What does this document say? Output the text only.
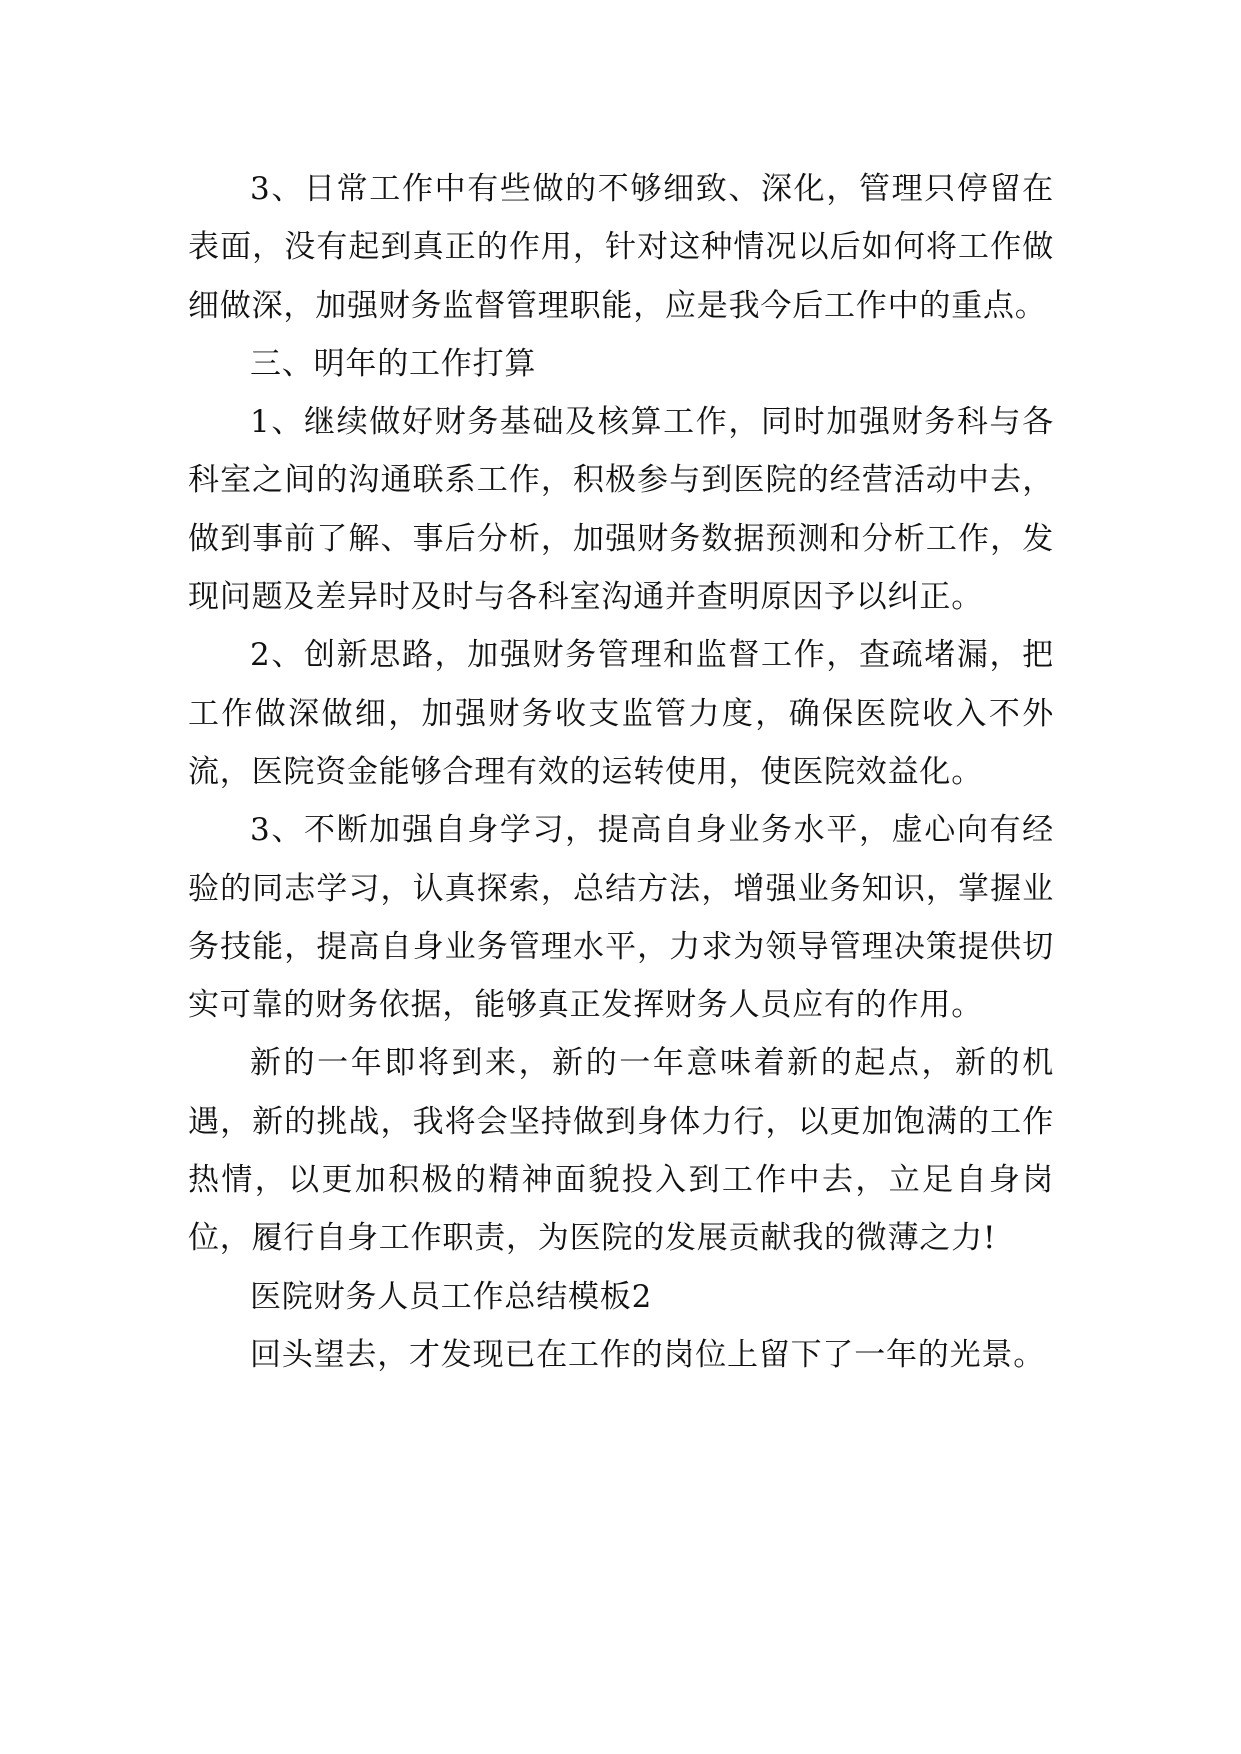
3、日常工作中有些做的不够细致、深化，管理只停留在表面，没有起到真正的作用，针对这种情况以后如何将工作做细做深，加强财务监督管理职能，应是我今后工作中的重点。

三、明年的工作打算

1、继续做好财务基础及核算工作，同时加强财务科与各科室之间的沟通联系工作，积极参与到医院的经营活动中去，做到事前了解、事后分析，加强财务数据预测和分析工作，发现问题及差异时及时与各科室沟通并查明原因予以纠正。

2、创新思路，加强财务管理和监督工作，查疏堵漏，把工作做深做细，加强财务收支监管力度，确保医院收入不外流，医院资金能够合理有效的运转使用，使医院效益化。

3、不断加强自身学习，提高自身业务水平，虚心向有经验的同志学习，认真探索，总结方法，增强业务知识，掌握业务技能，提高自身业务管理水平，力求为领导管理决策提供切实可靠的财务依据，能够真正发挥财务人员应有的作用。

新的一年即将到来，新的一年意味着新的起点，新的机遇，新的挑战，我将会坚持做到身体力行，以更加饱满的工作热情，以更加积极的精神面貌投入到工作中去，立足自身岗位，履行自身工作职责，为医院的发展贡献我的微薄之力!

医院财务人员工作总结模板2

回头望去，才发现已在工作的岗位上留下了一年的光景。
